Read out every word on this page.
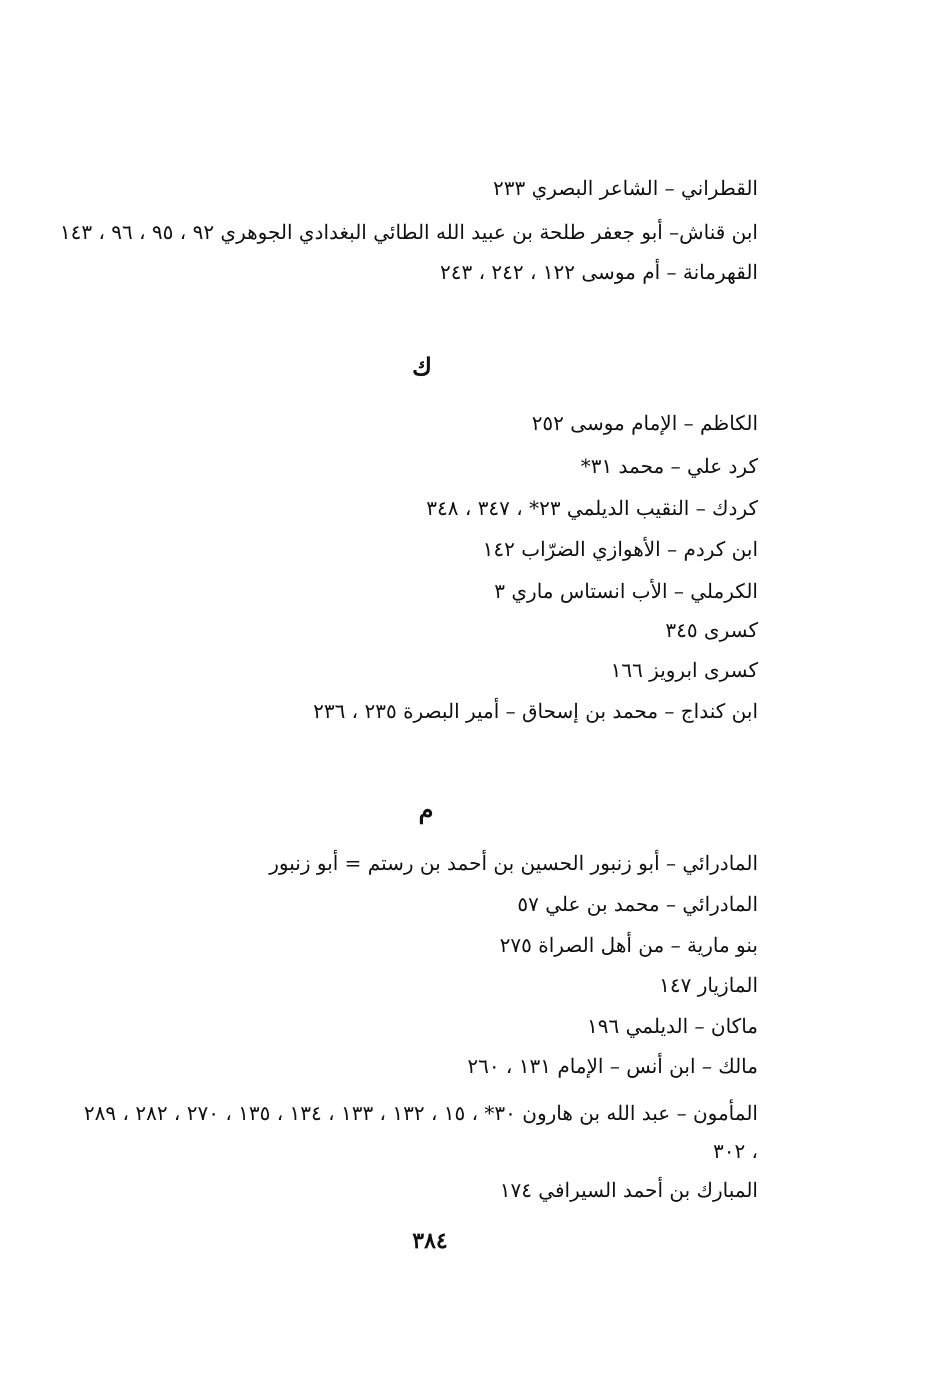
القطراني – الشاعر البصري ٢٣٣
ابن قناش– أبو جعفر طلحة بن عبيد الله الطائي البغدادي الجوهري ٩٢ ، ٩٥ ، ٩٦ ، ١٤٣
القهرمانة – أم موسى ١٢٢ ، ٢٤٢ ، ٢٤٣
ك
الكاظم – الإمام موسى ٢٥٢
كرد علي – محمد ٣١*
كردك – النقيب الديلمي ٢٣* ، ٣٤٧ ، ٣٤٨
ابن كردم – الأهوازي الضرّاب ١٤٢
الكرملي – الأب انستاس ماري ٣
كسرى ٣٤٥
كسرى ابرويز ١٦٦
ابن كنداج – محمد بن إسحاق – أمير البصرة ٢٣٥ ، ٢٣٦
م
المادرائي – أبو زنبور الحسين بن أحمد بن رستم = أبو زنبور
المادرائي – محمد بن علي ٥٧
بنو مارية – من أهل الصراة ٢٧٥
المازيار ١٤٧
ماكان – الديلمي ١٩٦
مالك – ابن أنس – الإمام ١٣١ ، ٢٦٠
المأمون – عبد الله بن هارون ٣٠* ، ١٥ ، ١٣٢ ، ١٣٣ ، ١٣٤ ، ١٣٥ ، ٢٧٠ ، ٢٨٢ ، ٢٨٩ ، ٣٠٢
المبارك بن أحمد السيرافي ١٧٤
٣٨٤
